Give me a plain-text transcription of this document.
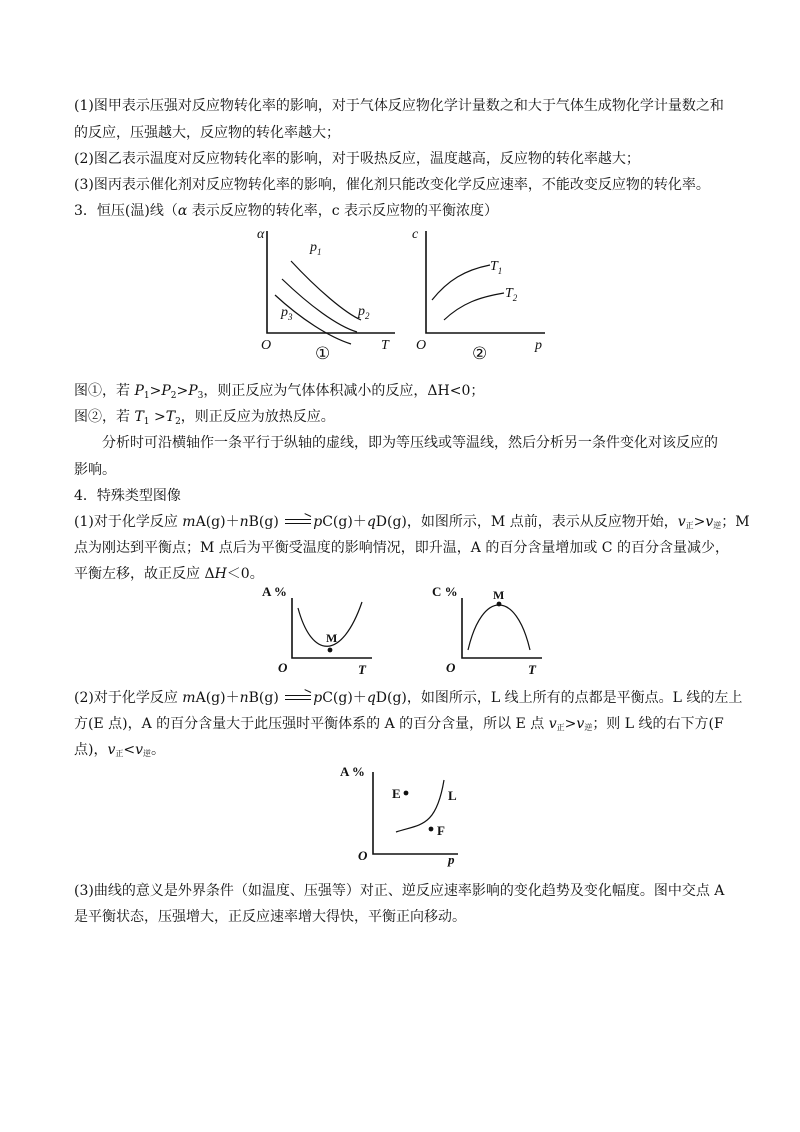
(1)图甲表示压强对反应物转化率的影响，对于气体反应物化学计量数之和大于气体生成物化学计量数之和
的反应，压强越大，反应物的转化率越大；
(2)图乙表示温度对反应物转化率的影响，对于吸热反应，温度越高，反应物的转化率越大；
(3)图丙表示催化剂对反应物转化率的影响，催化剂只能改变化学反应速率，不能改变反应物的转化率。
3．恒压(温)线（α 表示反应物的转化率，c 表示反应物的平衡浓度）
α
$p_1$
$p_2$
$p_3$
O	T
①
c
$T_1$
$T_2$
O	p
②
图①，若 $P_1>P_2>P_3$，则正反应为气体体积减小的反应，ΔH<0；
图②，若 $T_1 >T_2$，则正反应为放热反应。
分析时可沿横轴作一条平行于纵轴的虚线，即为等压线或等温线，然后分析另一条件变化对该反应的
影响。
4．特殊类型图像
(1)对于化学反应 mA(g)＋nB(g) →pC(g)＋qD(g)，如图所示，M 点前，表示从反应物开始，v正>v逆；M
点为刚达到平衡点；M 点后为平衡受温度的影响情况，即升温，A 的百分含量增加或 C 的百分含量减少，
平衡左移，故正反应 ΔH＜0。
A %
M
O	T
C %	M
O	T
(2)对于化学反应 mA(g)＋nB(g) →pC(g)＋qD(g)，如图所示，L 线上所有的点都是平衡点。L 线的左上
方(E 点)，A 的百分含量大于此压强时平衡体系的 A 的百分含量，所以 E 点 v正>v逆；则 L 线的右下方(F
点)，v正<v逆。
A %
E
F
L
O	p
(3)曲线的意义是外界条件（如温度、压强等）对正、逆反应速率影响的变化趋势及变化幅度。图中交点 A
是平衡状态，压强增大，正反应速率增大得快，平衡正向移动。
